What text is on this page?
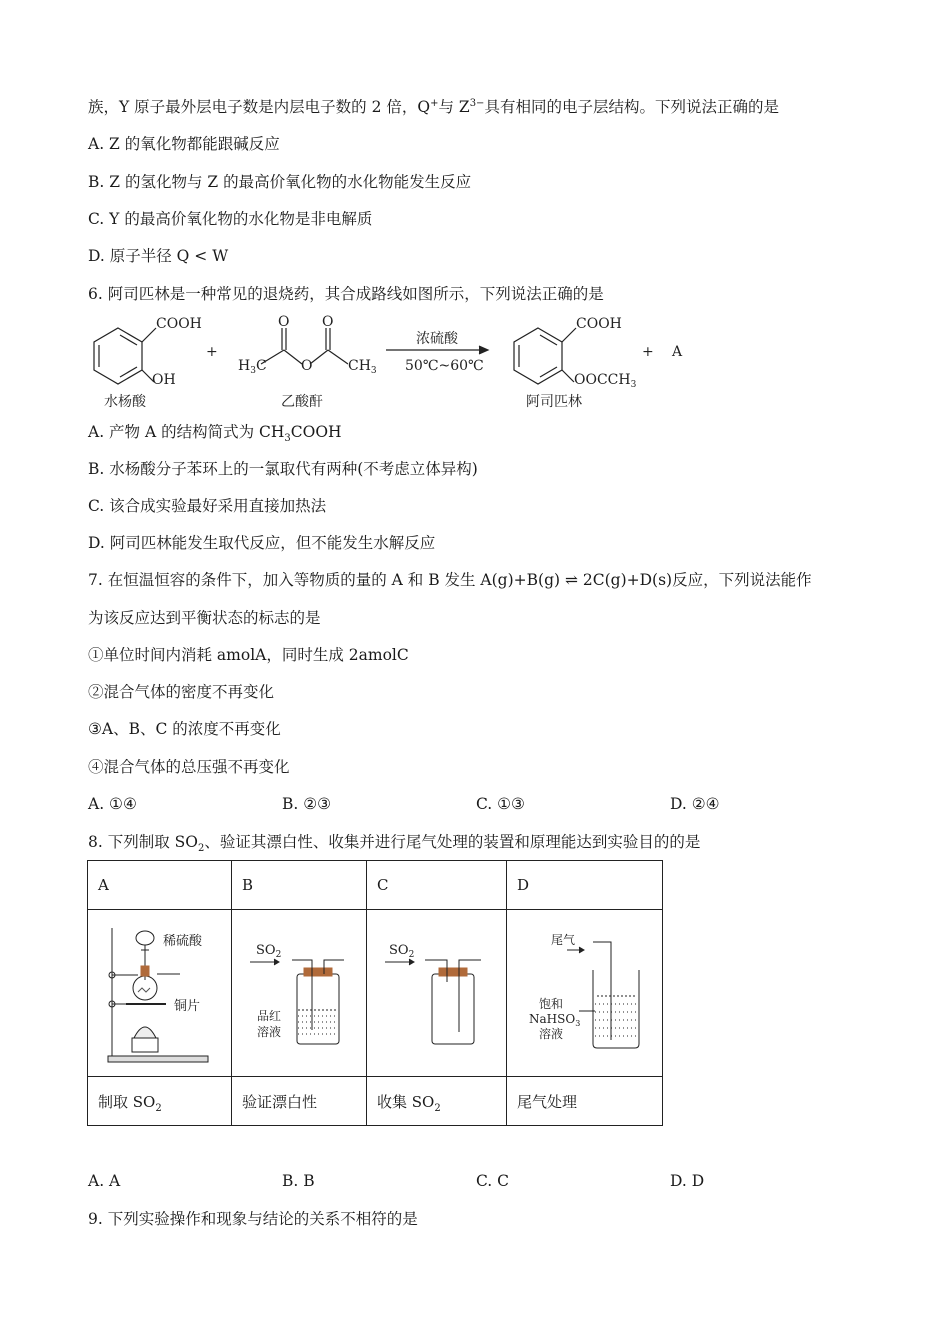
族，Y 原子最外层电子数是内层电子数的 2 倍，Q+与 $Z^{3-}$具有相同的电子层结构。下列说法正确的是
A. Z 的氧化物都能跟碱反应
B. Z 的氢化物与 Z 的最高价氧化物的水化物能发生反应
C. Y 的最高价氧化物的水化物是非电解质
D. 原子半径 Q < W
6. 阿司匹林是一种常见的退烧药，其合成路线如图所示，下列说法正确的是
COOH
OH
+
O O
O
$H_3C$	$CH_3$
浓硫酸
50℃~60℃
COOH
$OOCCH_3$
+ A
水杨酸	乙酸酐	阿司匹林
A. 产物 A 的结构简式为 $CH_3COOH$
B. 水杨酸分子苯环上的一氯取代有两种(不考虑立体异构)
C. 该合成实验最好采用直接加热法
D. 阿司匹林能发生取代反应，但不能发生水解反应
7. 在恒温恒容的条件下，加入等物质的量的 A 和 B 发生 A(g)+B(g) ⇌ 2C(g)+D(s)反应，下列说法能作
为该反应达到平衡状态的标志的是
①单位时间内消耗 amolA，同时生成 2amolC
②混合气体的密度不再变化
③A、B、C 的浓度不再变化
④混合气体的总压强不再变化
A. ①④	B. ②③	C. ①③	D. ②④
8. 下列制取 $SO_2$、验证其漂白性、收集并进行尾气处理的装置和原理能达到实验目的的是
A	B	C	D

稀硫酸
铜片	$SO_2$
品红
溶液	$SO_2$	尾气
饱和
NaHSO$_3$
溶液

制取 $SO_2$	验证漂白性	收集 $SO_2$	尾气处理
A. A	B. B	C. C	D. D
9. 下列实验操作和现象与结论的关系不相符的是
